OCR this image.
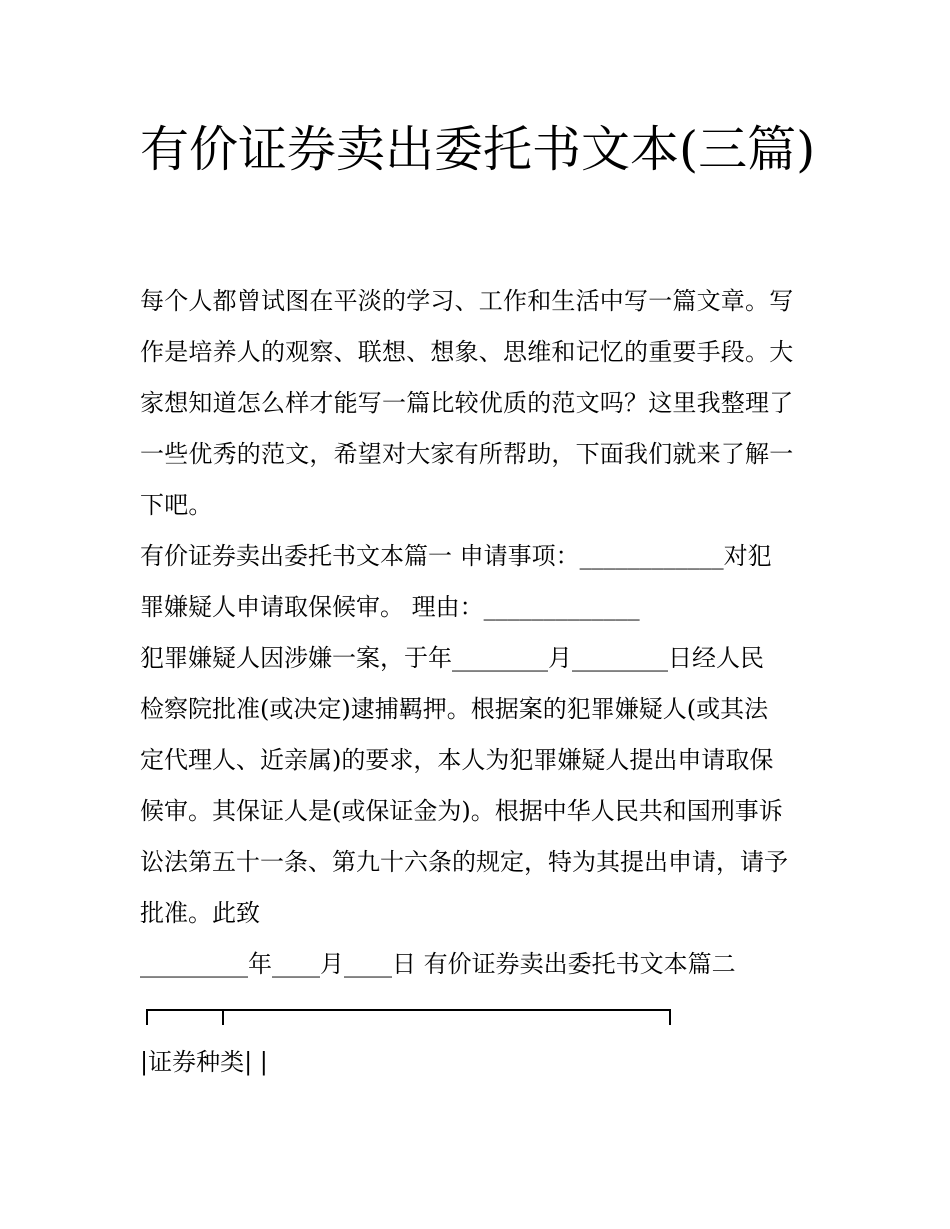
有价证券卖出委托书文本(三篇)

每个人都曾试图在平淡的学习、工作和生活中写一篇文章。写作是培养人的观察、联想、想象、思维和记忆的重要手段。大家想知道怎么样才能写一篇比较优质的范文吗？这里我整理了一些优秀的范文，希望对大家有所帮助，下面我们就来了解一下吧。

有价证券卖出委托书文本篇一 申请事项：____________对犯

罪嫌疑人申请取保候审。 理由：_____________

犯罪嫌疑人因涉嫌一案，于年________月________日经人民

检察院批准(或决定)逮捕羁押。根据案的犯罪嫌疑人(或其法

定代理人、近亲属)的要求，本人为犯罪嫌疑人提出申请取保

候审。其保证人是(或保证金为)。根据中华人民共和国刑事诉

讼法第五十一条、第九十六条的规定，特为其提出申请，请予

批准。此致

_________年____月____日 有价证券卖出委托书文本篇二

|证券种类| |
